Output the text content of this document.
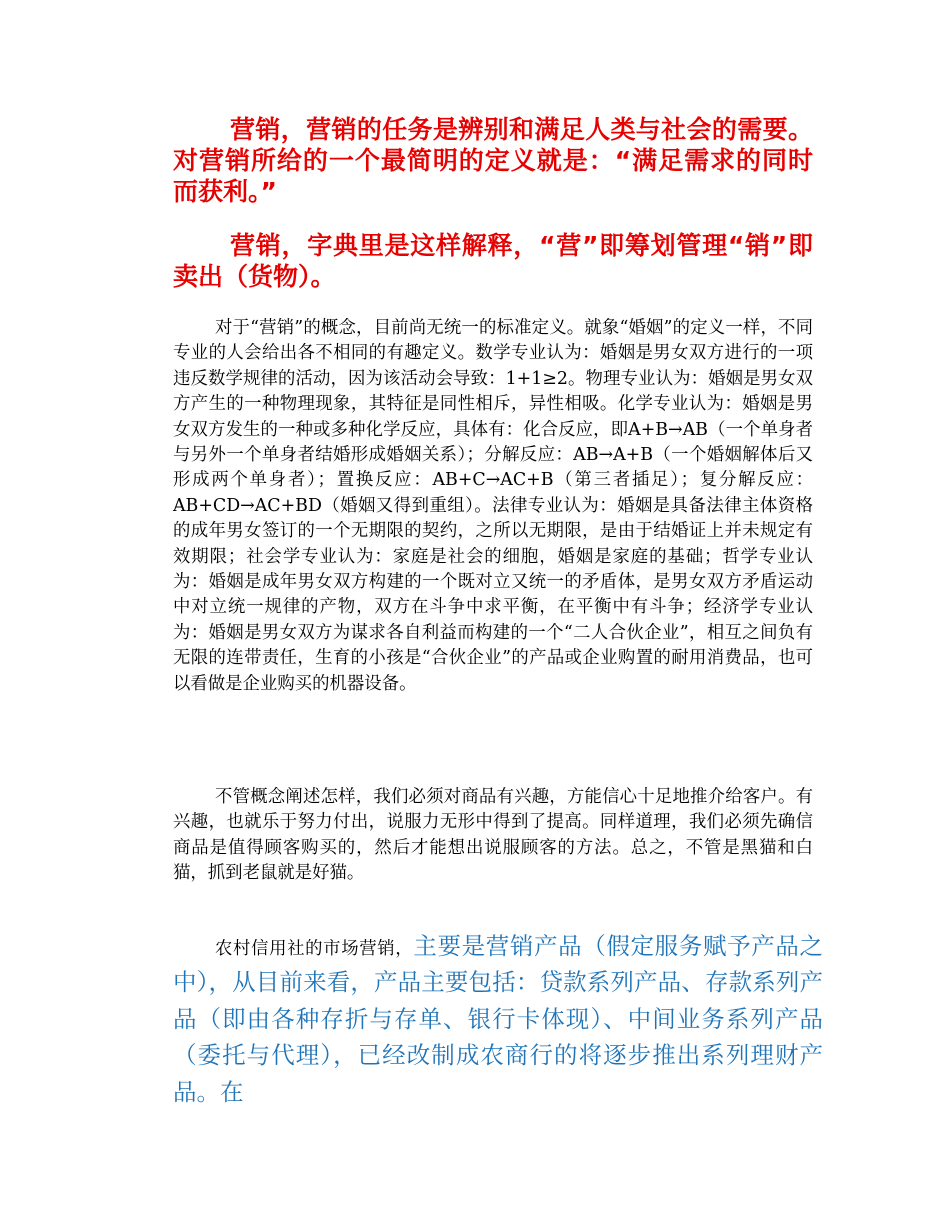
营销，营销的任务是辨别和满足人类与社会的需要。对营销所给的一个最简明的定义就是：“满足需求的同时而获利。”

营销，字典里是这样解释，“营”即筹划管理“销”即卖出（货物）。

对于“营销”的概念，目前尚无统一的标准定义。就象“婚姻”的定义一样，不同专业的人会给出各不相同的有趣定义。数学专业认为：婚姻是男女双方进行的一项违反数学规律的活动，因为该活动会导致：1+1≥2。物理专业认为：婚姻是男女双方产生的一种物理现象，其特征是同性相斥，异性相吸。化学专业认为：婚姻是男女双方发生的一种或多种化学反应，具体有：化合反应，即A+B→AB（一个单身者与另外一个单身者结婚形成婚姻关系）；分解反应：AB→A+B（一个婚姻解体后又形成两个单身者）；置换反应：AB+C→AC+B（第三者插足）；复分解反应：AB+CD→AC+BD（婚姻又得到重组）。法律专业认为：婚姻是具备法律主体资格的成年男女签订的一个无期限的契约，之所以无期限，是由于结婚证上并未规定有效期限；社会学专业认为：家庭是社会的细胞，婚姻是家庭的基础；哲学专业认为：婚姻是成年男女双方构建的一个既对立又统一的矛盾体，是男女双方矛盾运动中对立统一规律的产物，双方在斗争中求平衡，在平衡中有斗争；经济学专业认为：婚姻是男女双方为谋求各自利益而构建的一个“二人合伙企业”，相互之间负有无限的连带责任，生育的小孩是“合伙企业”的产品或企业购置的耐用消费品，也可以看做是企业购买的机器设备。

不管概念阐述怎样，我们必须对商品有兴趣，方能信心十足地推介给客户。有兴趣，也就乐于努力付出，说服力无形中得到了提高。同样道理，我们必须先确信商品是值得顾客购买的，然后才能想出说服顾客的方法。总之，不管是黑猫和白猫，抓到老鼠就是好猫。

农村信用社的市场营销，主要是营销产品（假定服务赋予产品之中），从目前来看，产品主要包括：贷款系列产品、存款系列产品（即由各种存折与存单、银行卡体现）、中间业务系列产品（委托与代理），已经改制成农商行的将逐步推出系列理财产品。在
